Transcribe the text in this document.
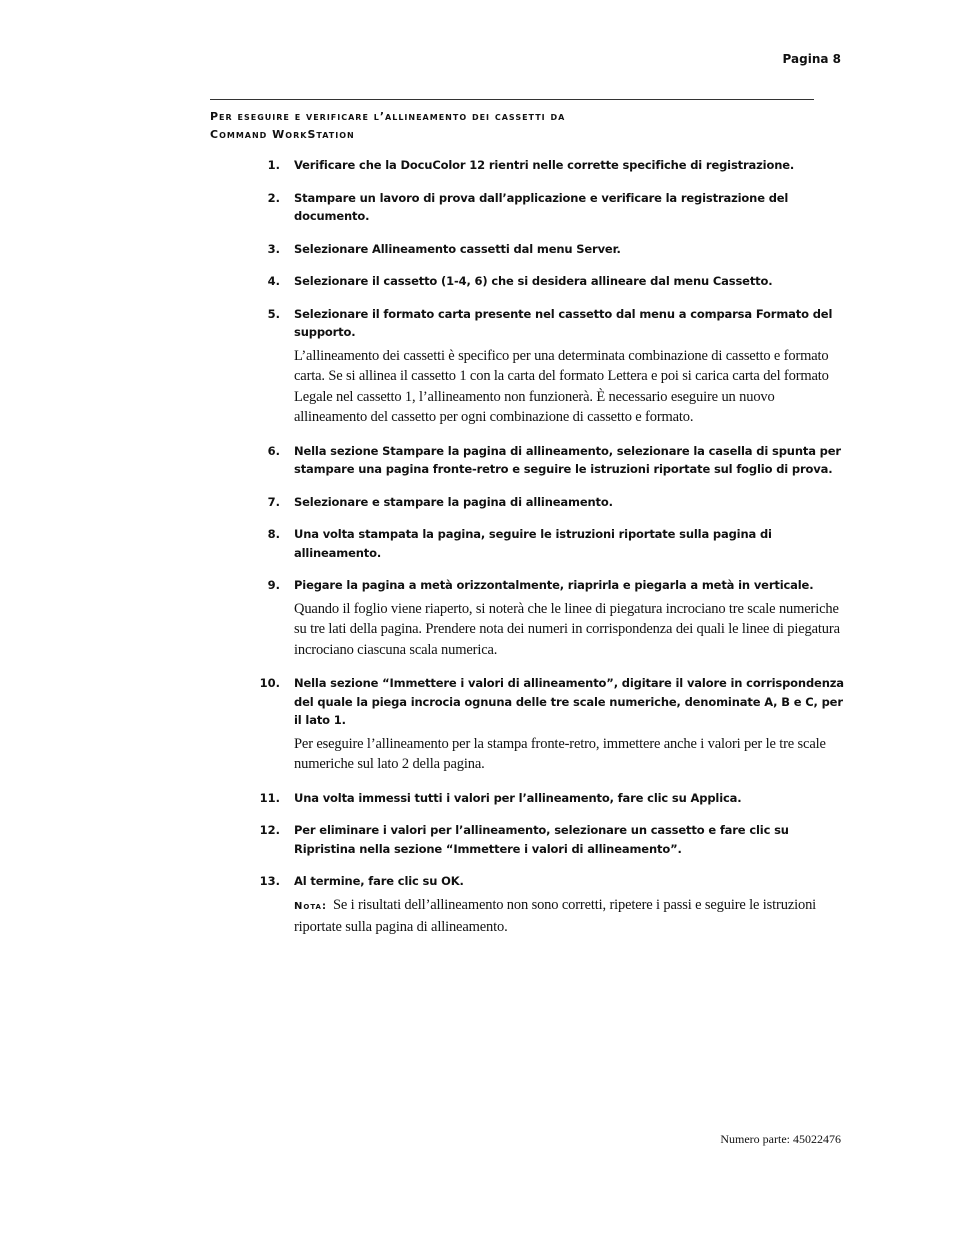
Pagina 8
Per eseguire e verificare l’allineamento dei cassetti da
Command WorkStation
1. Verificare che la DocuColor 12 rientri nelle corrette specifiche di registrazione.
2. Stampare un lavoro di prova dall’applicazione e verificare la registrazione del documento.
3. Selezionare Allineamento cassetti dal menu Server.
4. Selezionare il cassetto (1-4, 6) che si desidera allineare dal menu Cassetto.
5. Selezionare il formato carta presente nel cassetto dal menu a comparsa Formato del supporto.
L’allineamento dei cassetti è specifico per una determinata combinazione di cassetto e formato carta. Se si allinea il cassetto 1 con la carta del formato Lettera e poi si carica carta del formato Legale nel cassetto 1, l’allineamento non funzionerà. È necessario eseguire un nuovo allineamento del cassetto per ogni combinazione di cassetto e formato.
6. Nella sezione Stampare la pagina di allineamento, selezionare la casella di spunta per stampare una pagina fronte-retro e seguire le istruzioni riportate sul foglio di prova.
7. Selezionare e stampare la pagina di allineamento.
8. Una volta stampata la pagina, seguire le istruzioni riportate sulla pagina di allineamento.
9. Piegare la pagina a metà orizzontalmente, riaprirla e piegarla a metà in verticale.
Quando il foglio viene riaperto, si noterà che le linee di piegatura incrociano tre scale numeriche su tre lati della pagina. Prendere nota dei numeri in corrispondenza dei quali le linee di piegatura incrociano ciascuna scala numerica.
10. Nella sezione “Immettere i valori di allineamento”, digitare il valore in corrispondenza del quale la piega incrocia ognuna delle tre scale numeriche, denominate A, B e C, per il lato 1.
Per eseguire l’allineamento per la stampa fronte-retro, immettere anche i valori per le tre scale numeriche sul lato 2 della pagina.
11. Una volta immessi tutti i valori per l’allineamento, fare clic su Applica.
12. Per eliminare i valori per l’allineamento, selezionare un cassetto e fare clic su Ripristina nella sezione “Immettere i valori di allineamento”.
13. Al termine, fare clic su OK.
Nota: Se i risultati dell’allineamento non sono corretti, ripetere i passi e seguire le istruzioni riportate sulla pagina di allineamento.
Numero parte: 45022476
